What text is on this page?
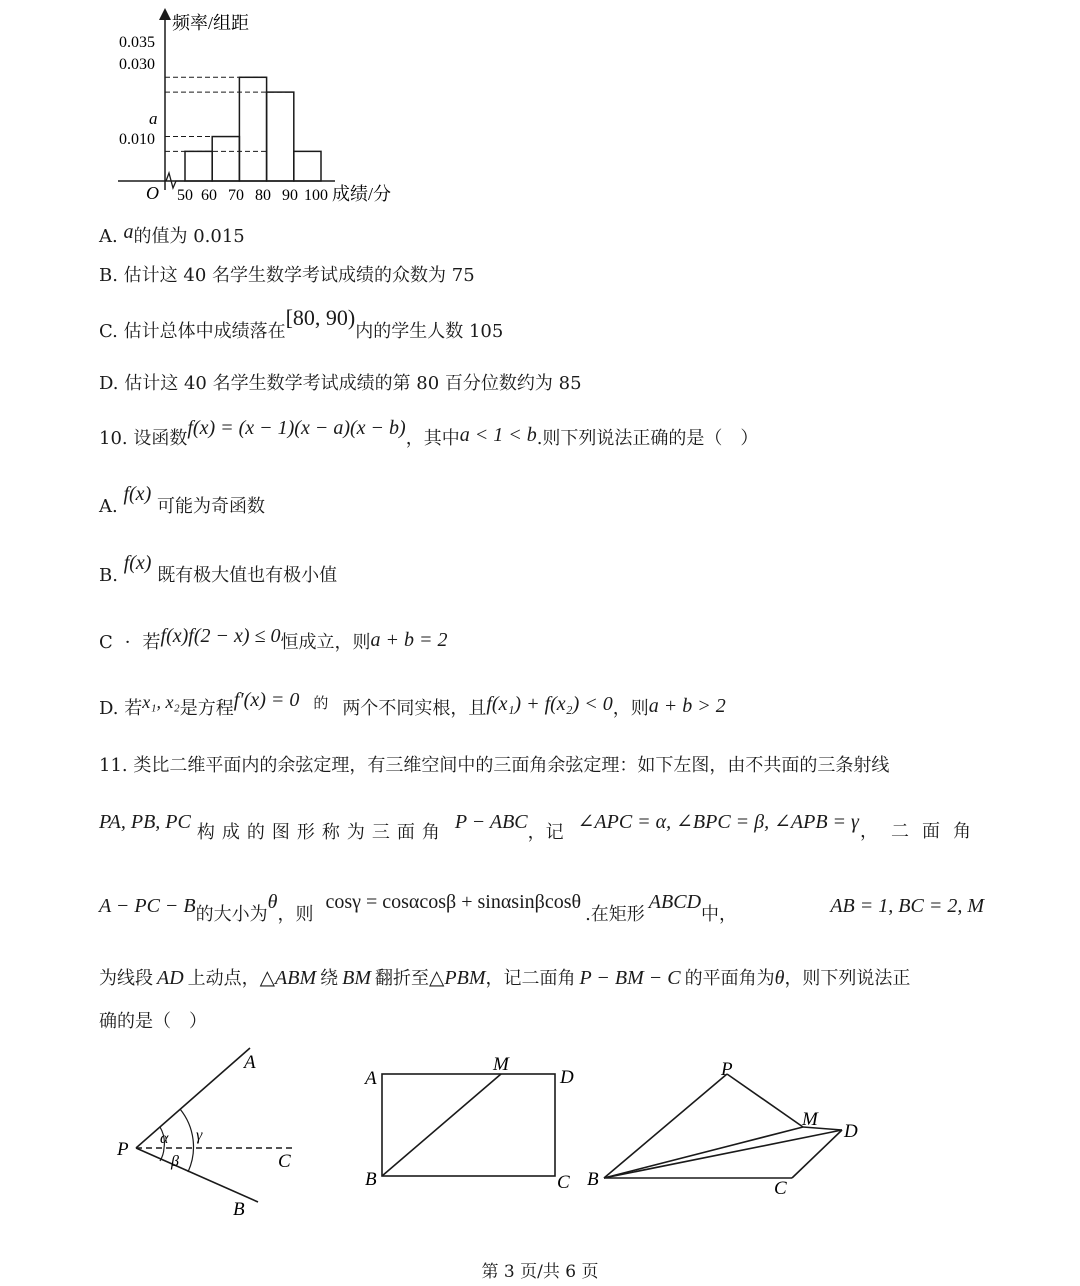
频率/组距
0.035
0.030
a
0.010
O 50 60 70 80 90 100 成绩/分
A. a的值为 0.015
B. 估计这 40 名学生数学考试成绩的众数为 75
C. 估计总体中成绩落在[80, 90)内的学生人数 105
D. 估计这 40 名学生数学考试成绩的第 80 百分位数约为 85
10. 设函数f(x) = (x − 1)(x − a)(x − b)，其中a < 1 < b.则下列说法正确的是（　）
A. f(x) 可能为奇函数
B. f(x) 既有极大值也有极小值
C · 若f(x)f(2 − x) ≤ 0恒成立，则a + b = 2
D. 若x₁, x₂是方程f′(x) = 0 $^的$ 两个不同实根，且f(x₁) + f(x₂) < 0，则a + b > 2
11. 类比二维平面内的余弦定理，有三维空间中的三面角余弦定理：如下左图，由不共面的三条射线
PA, PB, PC 构成的图形称为三面角 P − ABC，记 ∠APC = α, ∠BPC = β, ∠APB = γ ，二面角
A − PC − B的大小为θ，则cosγ = cosαcosβ + sinαsinβcosθ.在矩形ABCD中，	AB = 1, BC = 2, M
为线段 AD 上动点，△ABM 绕 BM 翻折至△PBM，记二面角 P − BM − C 的平面角为θ，则下列说法正
确的是（　）
P
A
B
C
α γ
β
A
M
D
B	C
P
M
D
B	C
第 3 页/共 6 页
